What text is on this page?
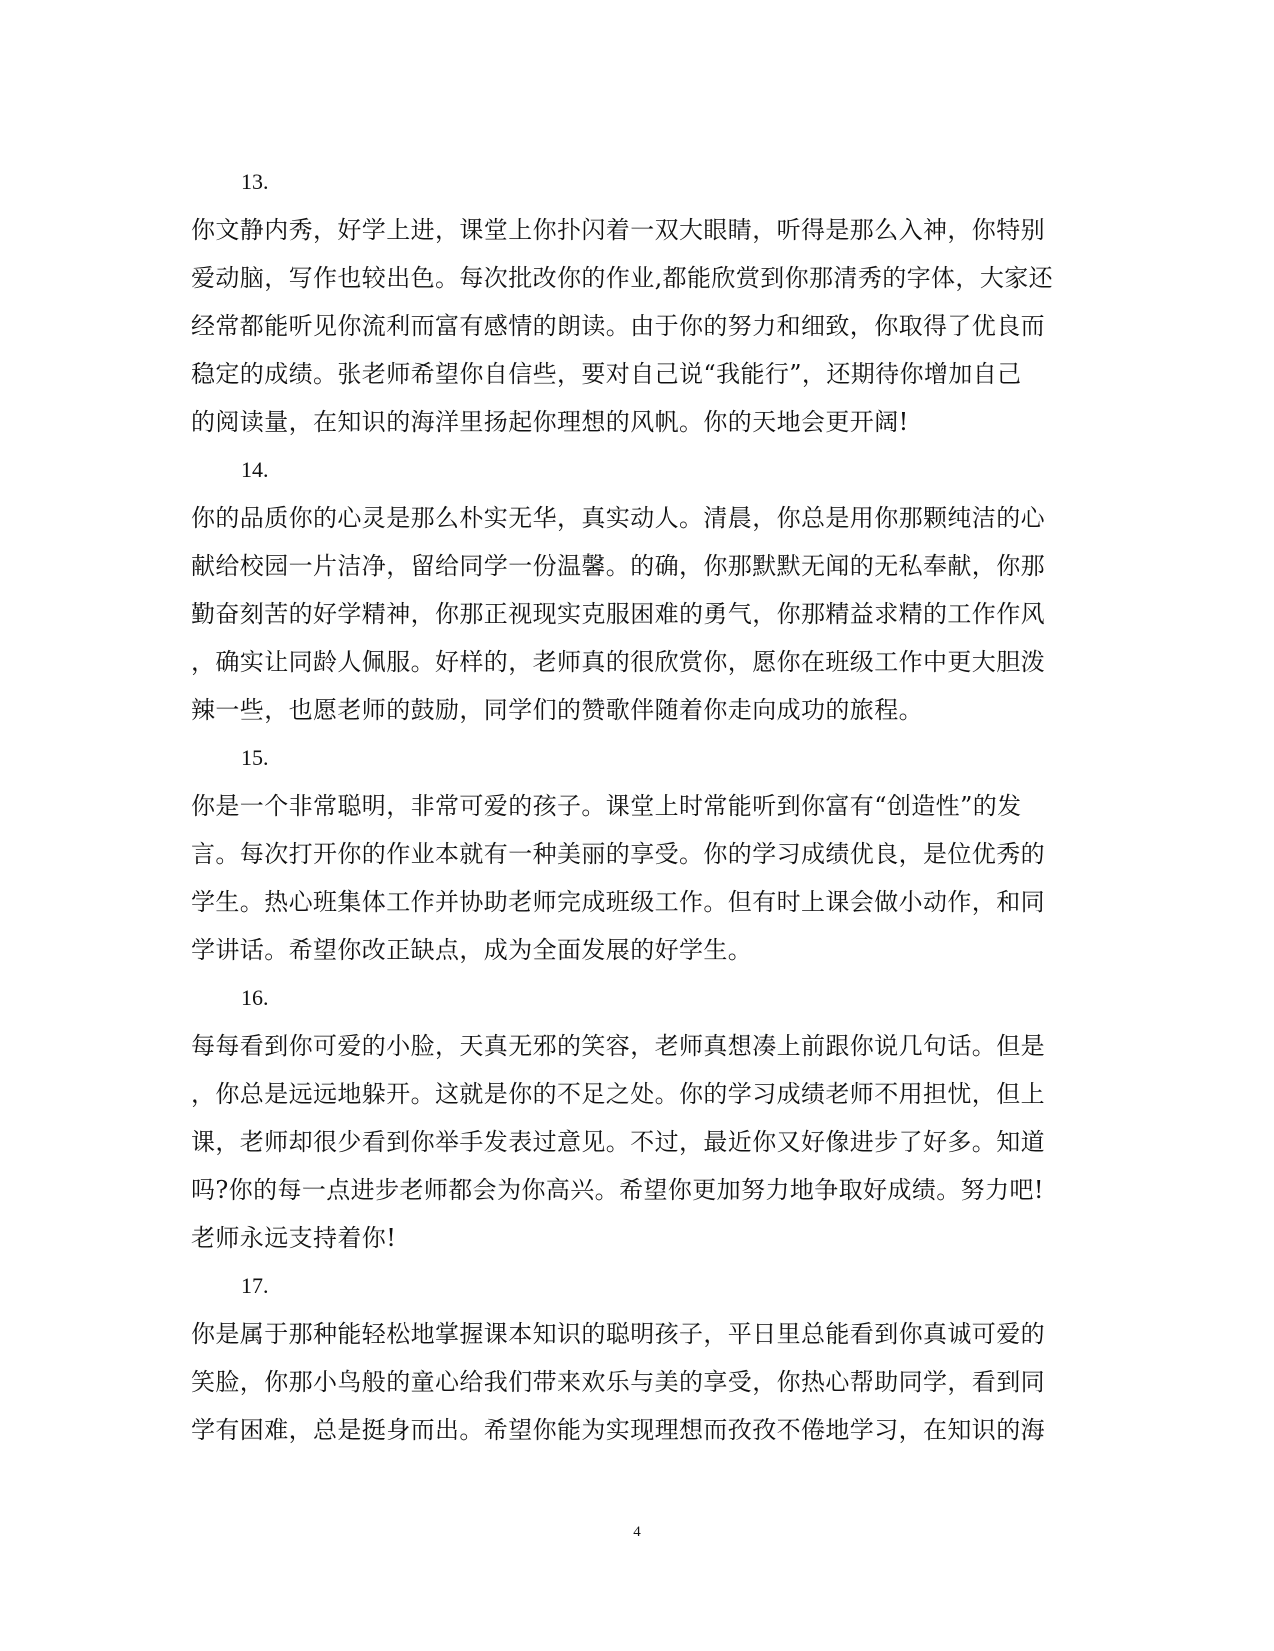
13.
你文静内秀，好学上进，课堂上你扑闪着一双大眼睛，听得是那么入神，你特别
爱动脑，写作也较出色。每次批改你的作业,都能欣赏到你那清秀的字体，大家还
经常都能听见你流利而富有感情的朗读。由于你的努力和细致，你取得了优良而
稳定的成绩。张老师希望你自信些，要对自己说“我能行”，还期待你增加自己
的阅读量，在知识的海洋里扬起你理想的风帆。你的天地会更开阔!
14.
你的品质你的心灵是那么朴实无华，真实动人。清晨，你总是用你那颗纯洁的心
献给校园一片洁净，留给同学一份温馨。的确，你那默默无闻的无私奉献，你那
勤奋刻苦的好学精神，你那正视现实克服困难的勇气，你那精益求精的工作作风
，确实让同龄人佩服。好样的，老师真的很欣赏你，愿你在班级工作中更大胆泼
辣一些，也愿老师的鼓励，同学们的赞歌伴随着你走向成功的旅程。
15.
你是一个非常聪明，非常可爱的孩子。课堂上时常能听到你富有“创造性”的发
言。每次打开你的作业本就有一种美丽的享受。你的学习成绩优良，是位优秀的
学生。热心班集体工作并协助老师完成班级工作。但有时上课会做小动作，和同
学讲话。希望你改正缺点，成为全面发展的好学生。
16.
每每看到你可爱的小脸，天真无邪的笑容，老师真想凑上前跟你说几句话。但是
，你总是远远地躲开。这就是你的不足之处。你的学习成绩老师不用担忧，但上
课，老师却很少看到你举手发表过意见。不过，最近你又好像进步了好多。知道
吗?你的每一点进步老师都会为你高兴。希望你更加努力地争取好成绩。努力吧!
老师永远支持着你!
17.
你是属于那种能轻松地掌握课本知识的聪明孩子，平日里总能看到你真诚可爱的
笑脸，你那小鸟般的童心给我们带来欢乐与美的享受，你热心帮助同学，看到同
学有困难，总是挺身而出。希望你能为实现理想而孜孜不倦地学习，在知识的海
4
